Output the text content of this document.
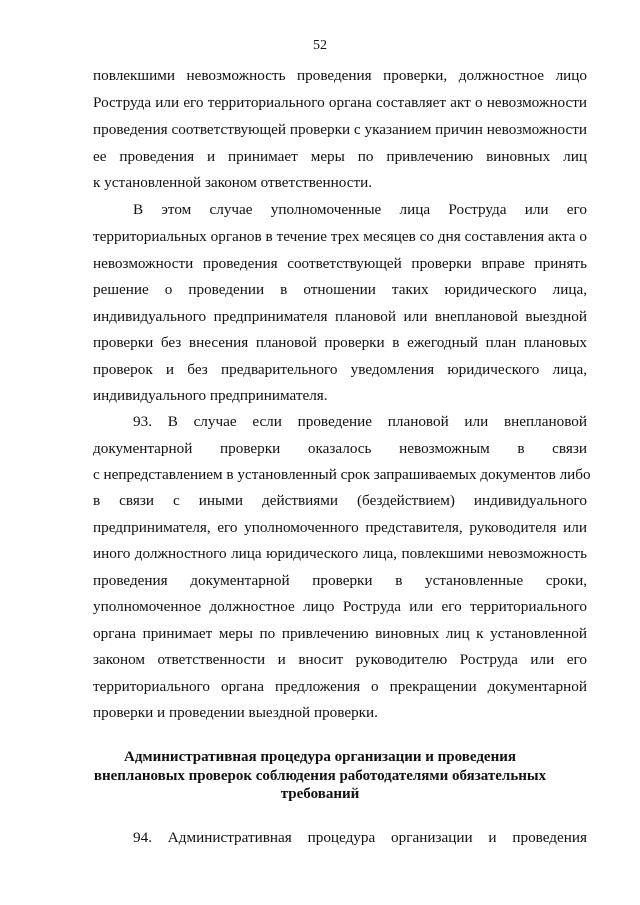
52
повлекшими невозможность проведения проверки, должностное лицо
Роструда или его территориального органа составляет акт о невозможности
проведения соответствующей проверки с указанием причин невозможности
ее проведения и принимает меры по привлечению виновных лиц
к установленной законом ответственности.
В этом случае уполномоченные лица Роструда или его
территориальных органов в течение трех месяцев со дня составления акта о
невозможности проведения соответствующей проверки вправе принять
решение о проведении в отношении таких юридического лица,
индивидуального предпринимателя плановой или внеплановой выездной
проверки без внесения плановой проверки в ежегодный план плановых
проверок и без предварительного уведомления юридического лица,
индивидуального предпринимателя.
93. В случае если проведение плановой или внеплановой
документарной проверки оказалось невозможным в связи
с непредставлением в установленный срок запрашиваемых документов либо
в связи с иными действиями (бездействием) индивидуального
предпринимателя, его уполномоченного представителя, руководителя или
иного должностного лица юридического лица, повлекшими невозможность
проведения документарной проверки в установленные сроки,
уполномоченное должностное лицо Роструда или его территориального
органа принимает меры по привлечению виновных лиц к установленной
законом ответственности и вносит руководителю Роструда или его
территориального органа предложения о прекращении документарной
проверки и проведении выездной проверки.
Административная процедура организации и проведения
внеплановых проверок соблюдения работодателями обязательных
требований
94. Административная процедура организации и проведения
